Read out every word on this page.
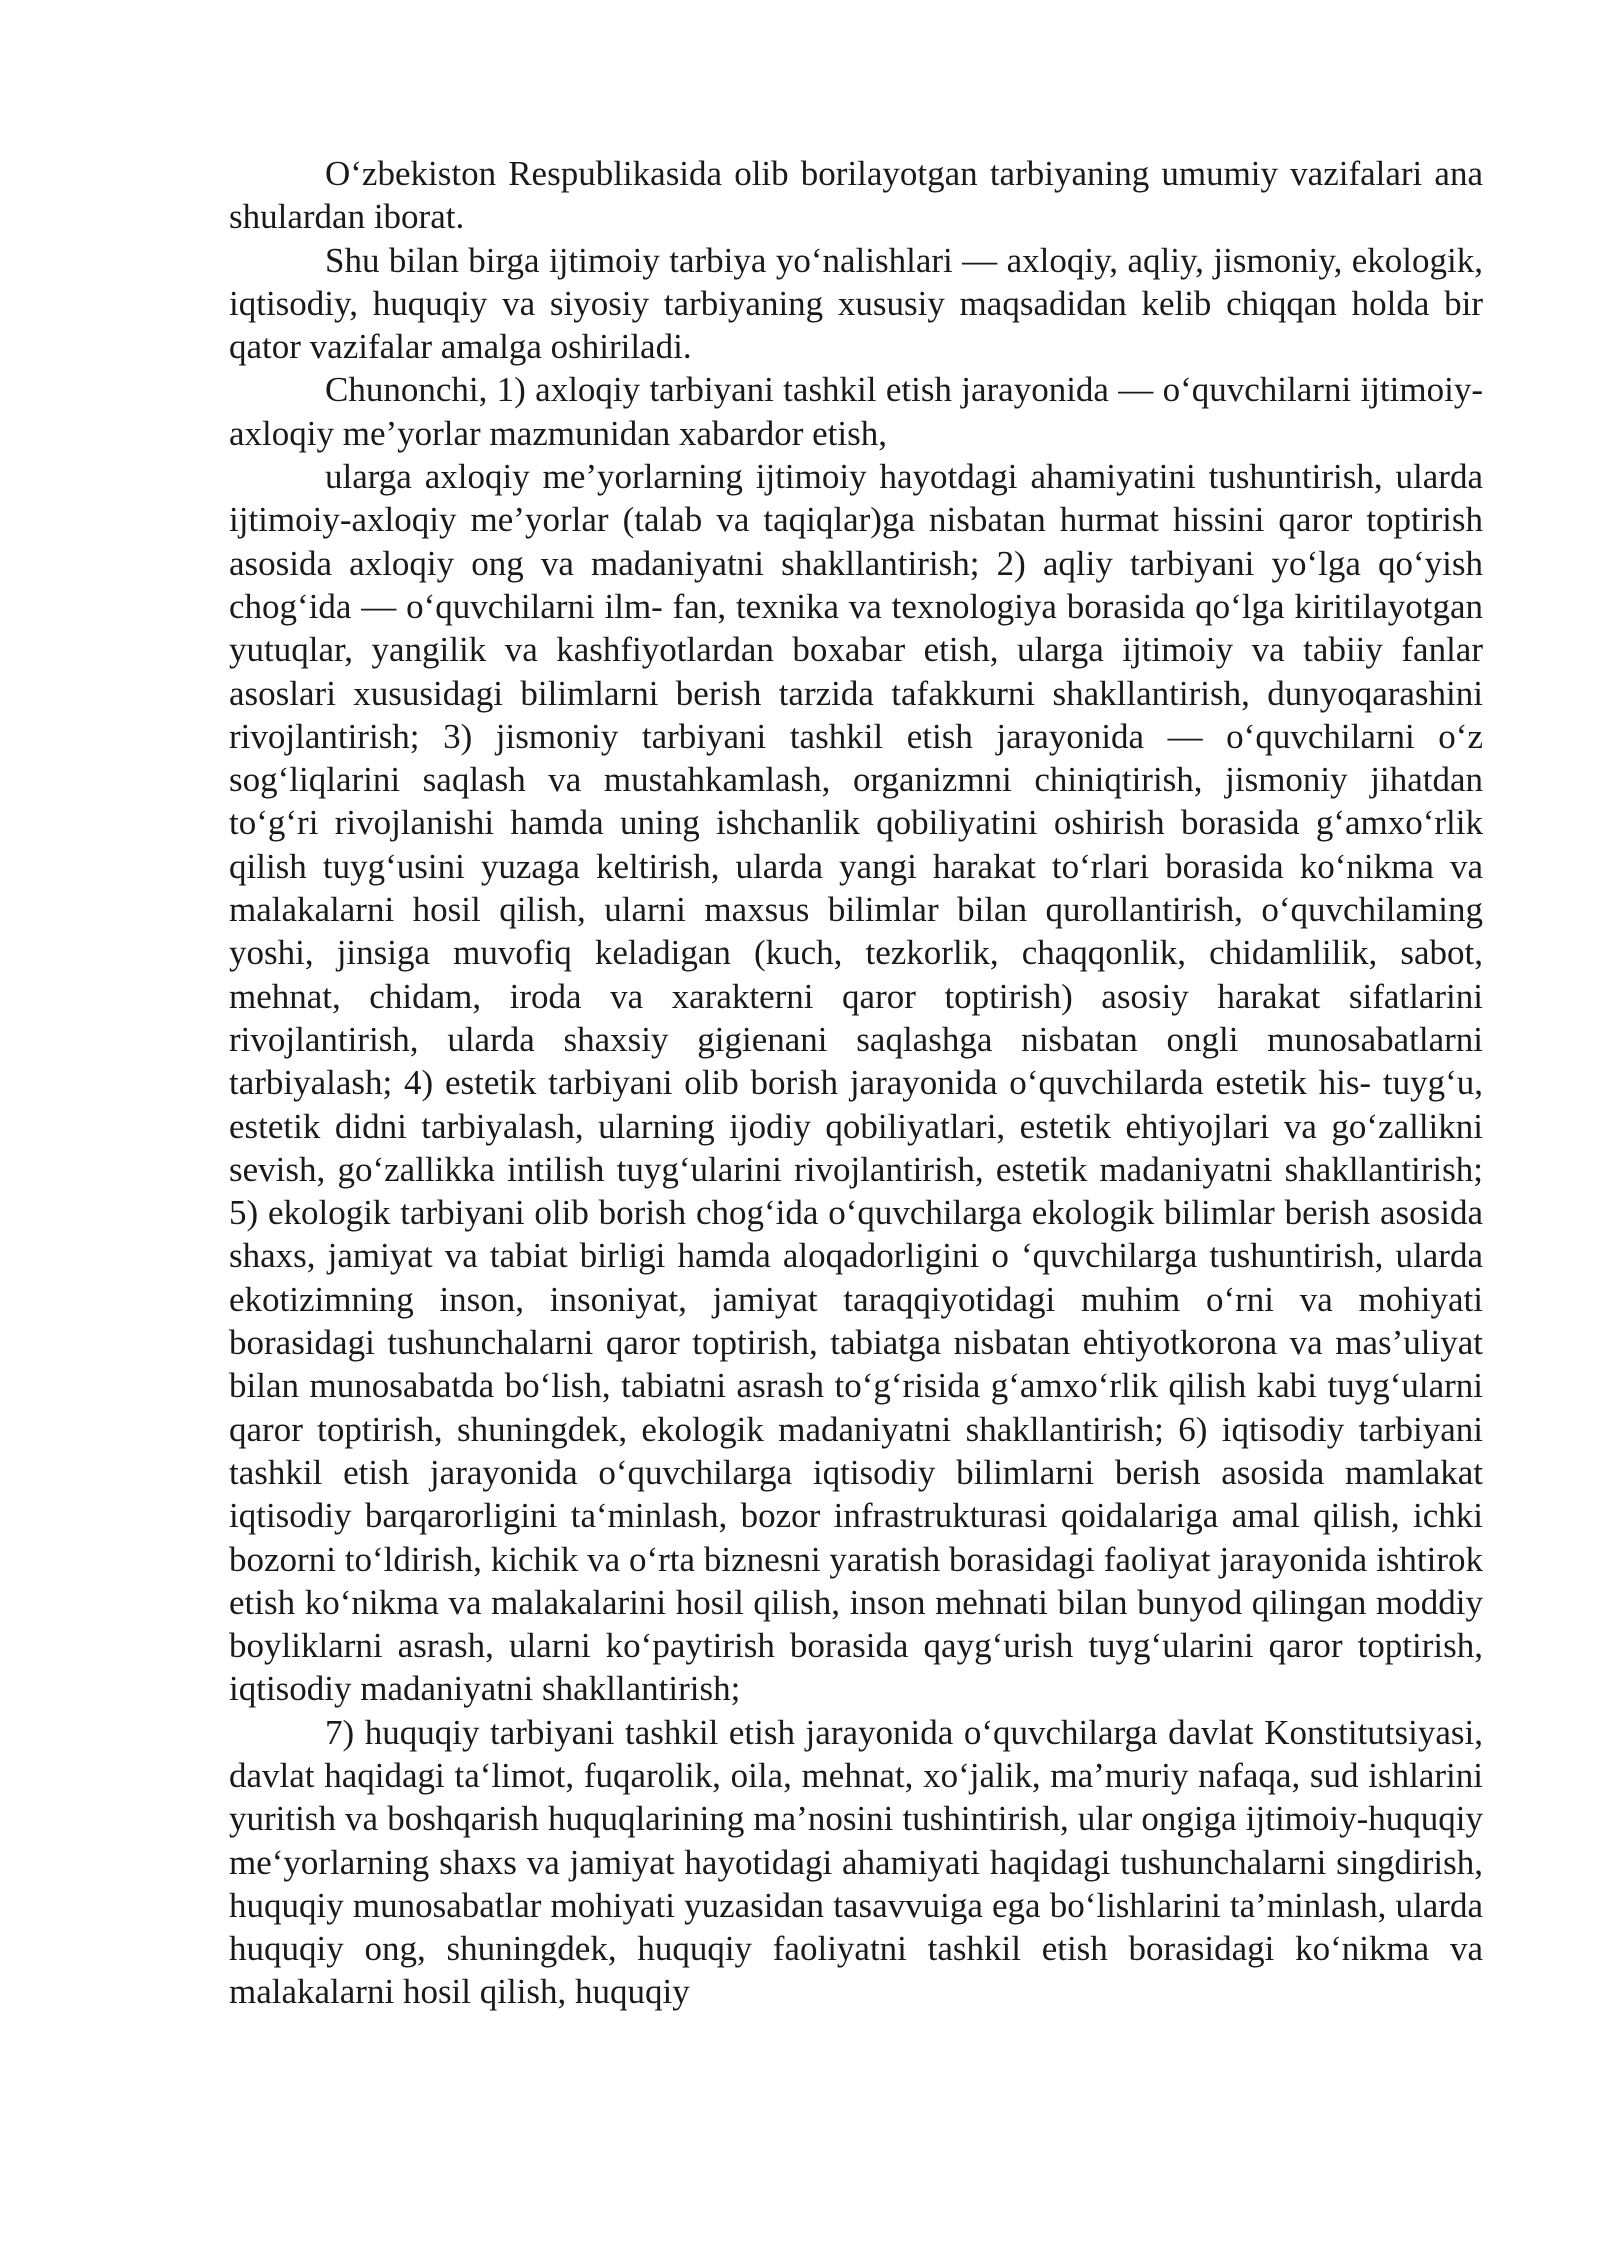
O‘zbekiston Respublikasida olib borilayotgan tarbiyaning umumiy vazifalari ana shulardan iborat.

Shu bilan birga ijtimoiy tarbiya yo‘nalishlari — axloqiy, aqliy, jismoniy, ekologik, iqtisodiy, huquqiy va siyosiy tarbiyaning xususiy maqsadidan kelib chiqqan holda bir qator vazifalar amalga oshiriladi.

Chunonchi, 1) axloqiy tarbiyani tashkil etish jarayonida — o‘quvchilarni ijtimoiy-axloqiy me’yorlar mazmunidan xabardor etish,

ularga axloqiy me’yorlarning ijtimoiy hayotdagi ahamiyatini tushuntirish, ularda ijtimoiy-axloqiy me’yorlar (talab va taqiqlar)ga nisbatan hurmat hissini qaror toptirish asosida axloqiy ong va madaniyatni shakllantirish; 2) aqliy tarbiyani yo‘lga qo‘yish chog‘ida — o‘quvchilarni ilm- fan, texnika va texnologiya borasida qo‘lga kiritilayotgan yutuqlar, yangilik va kashfiyotlardan boxabar etish, ularga ijtimoiy va tabiiy fanlar asoslari xususidagi bilimlarni berish tarzida tafakkurni shakllantirish, dunyoqarashini rivojlantirish; 3) jismoniy tarbiyani tashkil etish jarayonida — o‘quvchilarni o‘z sog‘liqlarini saqlash va mustahkamlash, organizmni chiniqtirish, jismoniy jihatdan to‘g‘ri rivojlanishi hamda uning ishchanlik qobiliyatini oshirish borasida g‘amxo‘rlik qilish tuyg‘usini yuzaga keltirish, ularda yangi harakat to‘rlari borasida ko‘nikma va malakalarni hosil qilish, ularni maxsus bilimlar bilan qurollantirish, o‘quvchilaming yoshi, jinsiga muvofiq keladigan (kuch, tezkorlik, chaqqonlik, chidamlilik, sabot, mehnat, chidam, iroda va xarakterni qaror toptirish) asosiy harakat sifatlarini rivojlantirish, ularda shaxsiy gigienani saqlashga nisbatan ongli munosabatlarni tarbiyalash; 4) estetik tarbiyani olib borish jarayonida o‘quvchilarda estetik his- tuyg‘u, estetik didni tarbiyalash, ularning ijodiy qobiliyatlari, estetik ehtiyojlari va go‘zallikni sevish, go‘zallikka intilish tuyg‘ularini rivojlantirish, estetik madaniyatni shakllantirish; 5) ekologik tarbiyani olib borish chog‘ida o‘quvchilarga ekologik bilimlar berish asosida shaxs, jamiyat va tabiat birligi hamda aloqadorligini o ‘quvchilarga tushuntirish, ularda ekotizimning inson, insoniyat, jamiyat taraqqiyotidagi muhim o‘rni va mohiyati borasidagi tushunchalarni qaror toptirish, tabiatga nisbatan ehtiyotkorona va mas’uliyat bilan munosabatda bo‘lish, tabiatni asrash to‘g‘risida g‘amxo‘rlik qilish kabi tuyg‘ularni qaror toptirish, shuningdek, ekologik madaniyatni shakllantirish; 6) iqtisodiy tarbiyani tashkil etish jarayonida o‘quvchilarga iqtisodiy bilimlarni berish asosida mamlakat iqtisodiy barqarorligini ta‘minlash, bozor infrastrukturasi qoidalariga amal qilish, ichki bozorni to‘ldirish, kichik va o‘rta biznesni yaratish borasidagi faoliyat jarayonida ishtirok etish ko‘nikma va malakalarini hosil qilish, inson mehnati bilan bunyod qilingan moddiy boyliklarni asrash, ularni ko‘paytirish borasida qayg‘urish tuyg‘ularini qaror toptirish, iqtisodiy madaniyatni shakllantirish;

7) huquqiy tarbiyani tashkil etish jarayonida o‘quvchilarga davlat Konstitutsiyasi, davlat haqidagi ta‘limot, fuqarolik, oila, mehnat, xo‘jalik, ma’muriy nafaqa, sud ishlarini yuritish va boshqarish huquqlarining ma’nosini tushintirish, ular ongiga ijtimoiy-huquqiy me‘yorlarning shaxs va jamiyat hayotidagi ahamiyati haqidagi tushunchalarni singdirish, huquqiy munosabatlar mohiyati yuzasidan tasavvuiga ega bo‘lishlarini ta’minlash, ularda huquqiy ong, shuningdek, huquqiy faoliyatni tashkil etish borasidagi ko‘nikma va malakalarni hosil qilish, huquqiy
